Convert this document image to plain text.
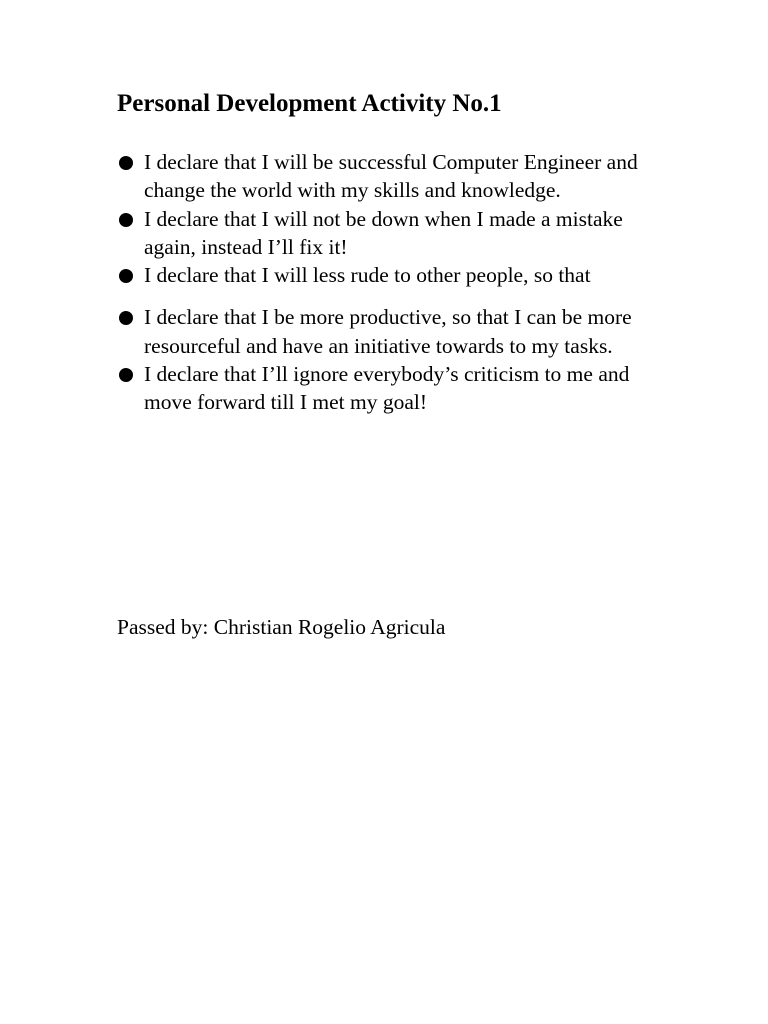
Personal Development Activity No.1
I declare that I will be successful Computer Engineer and change the world with my skills and knowledge.
I declare that I will not be down when I made a mistake again, instead I’ll fix it!
I declare that I will less rude to other people, so that
I declare that I be more productive, so that I can be more resourceful and have an initiative towards to my tasks.
I declare that I’ll ignore everybody’s criticism to me and move forward till I met my goal!

Passed by: Christian Rogelio Agricula
